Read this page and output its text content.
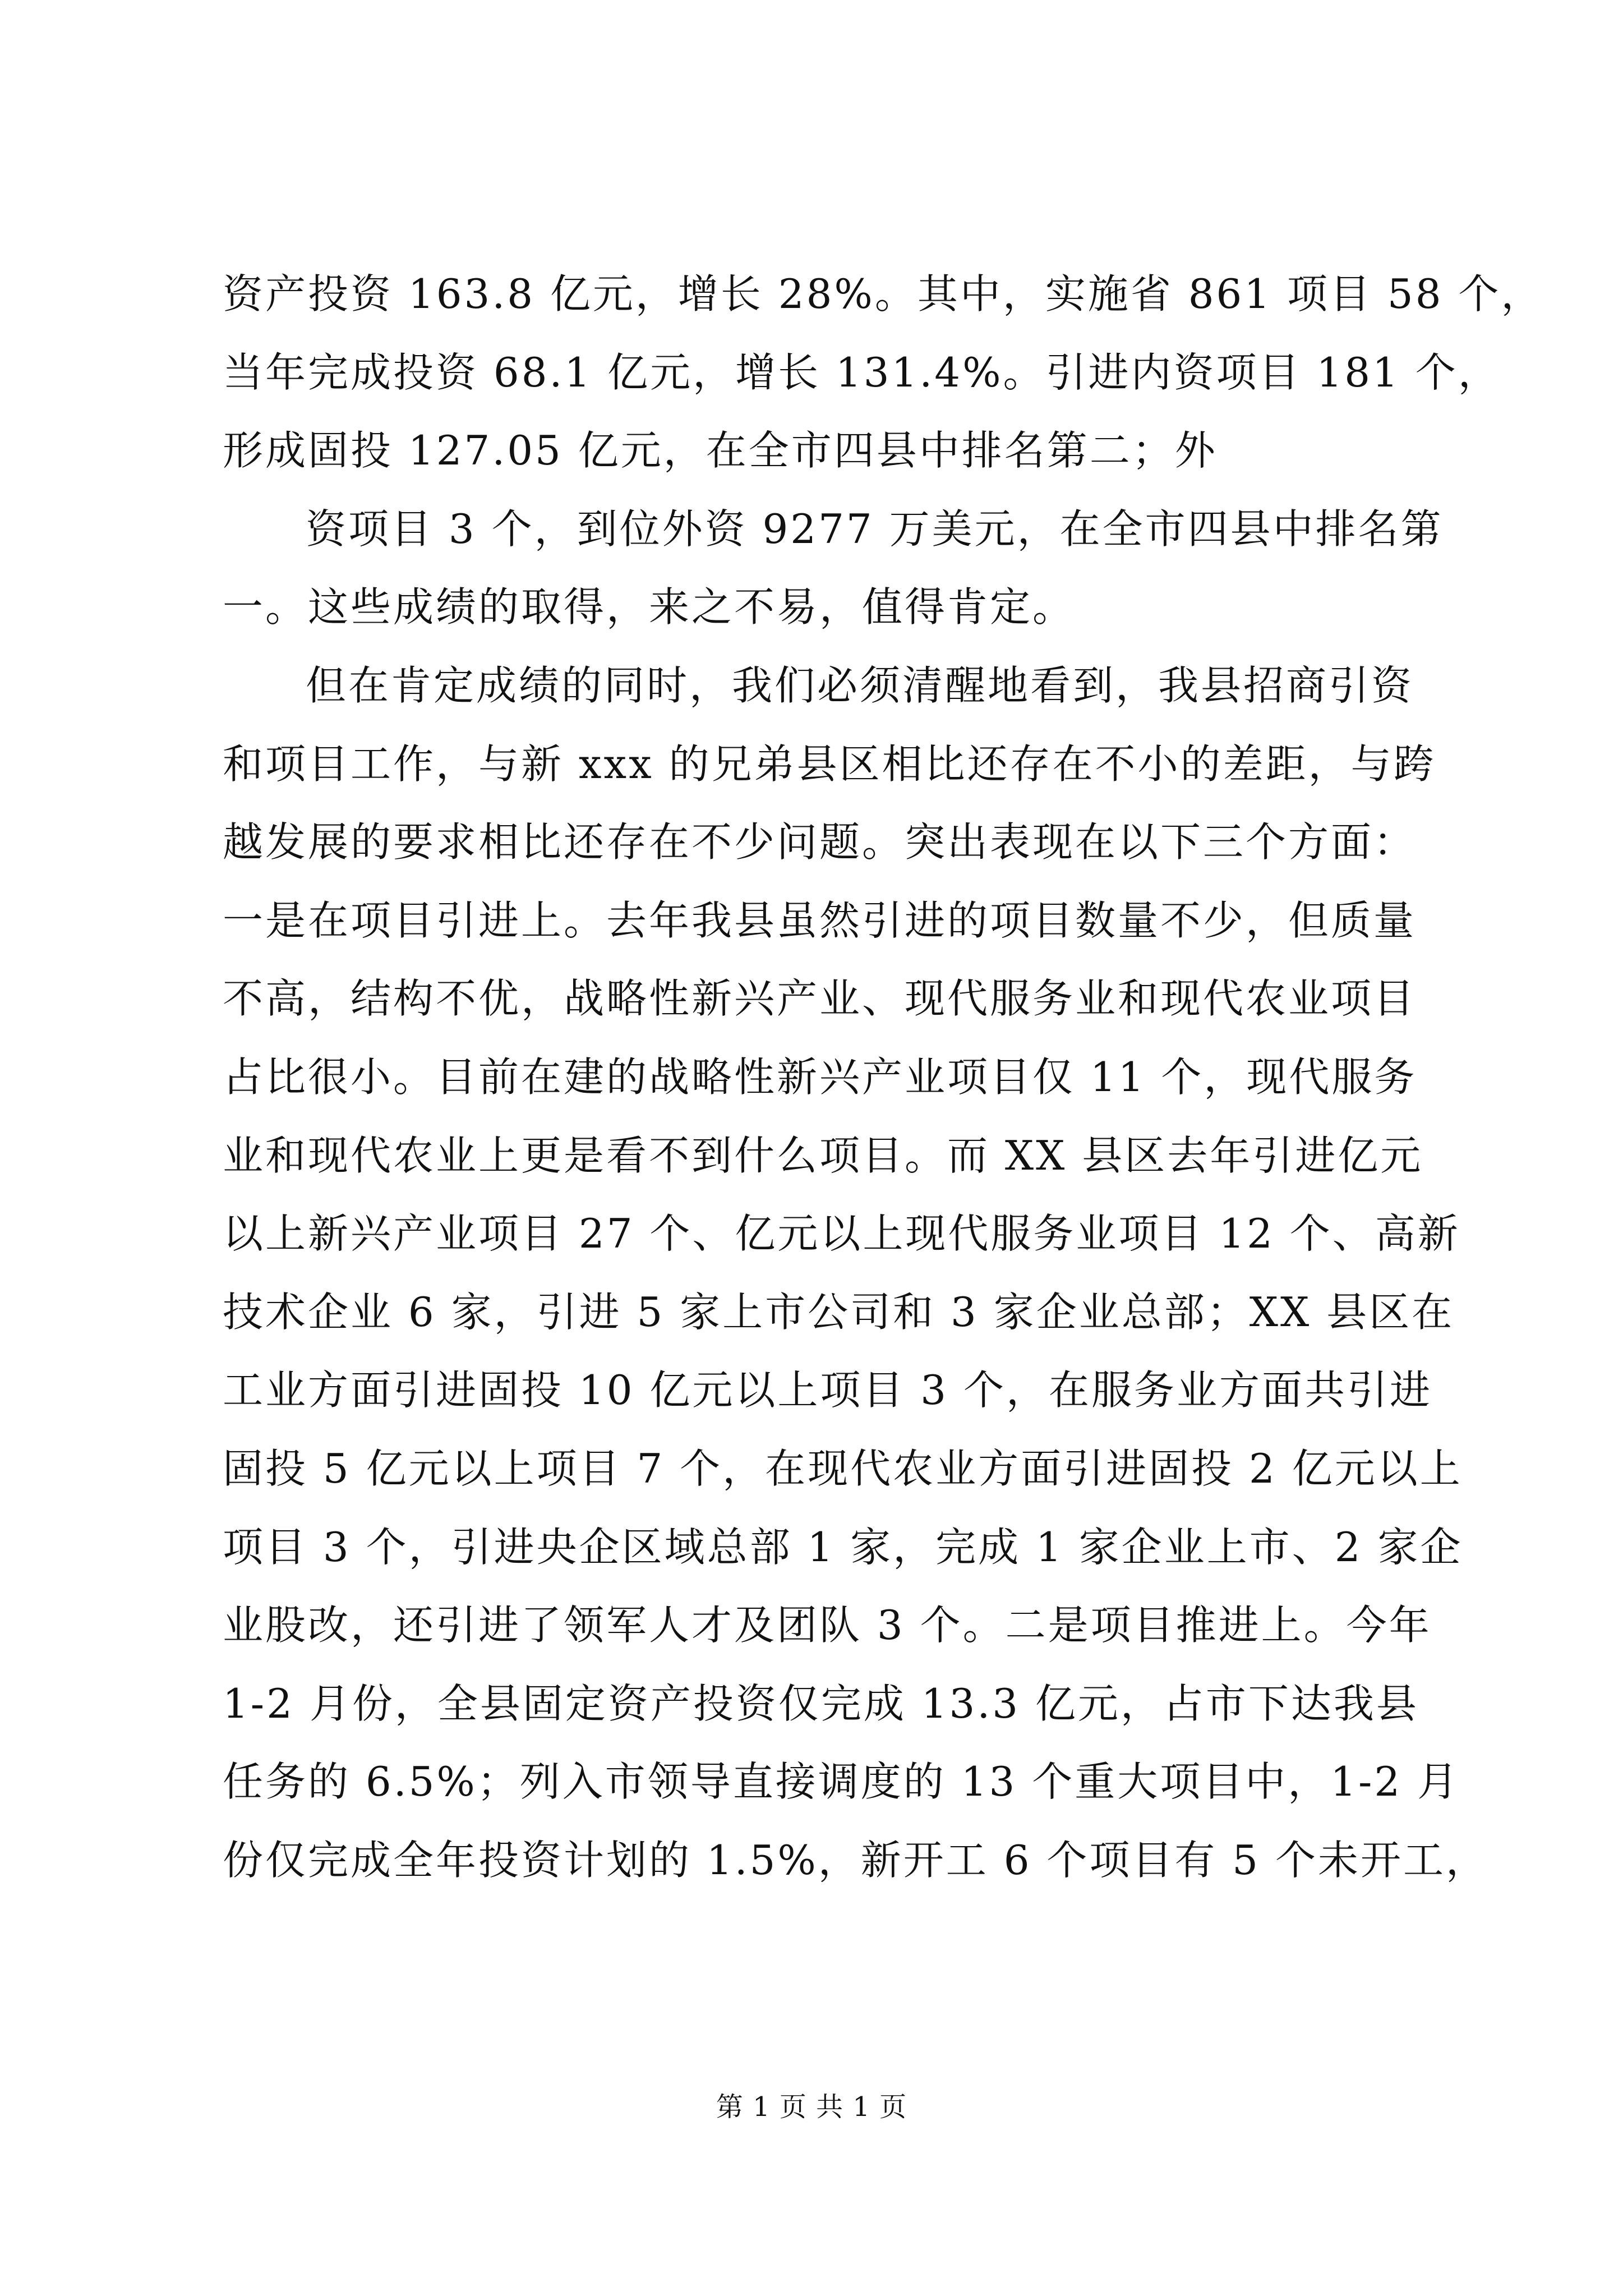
资产投资 163.8 亿元，增长 28%。其中，实施省 861 项目 58 个，
当年完成投资 68.1 亿元，增长 131.4%。引进内资项目 181 个，
形成固投 127.05 亿元，在全市四县中排名第二；外
资项目 3 个，到位外资 9277 万美元，在全市四县中排名第
一。这些成绩的取得，来之不易，值得肯定。
但在肯定成绩的同时，我们必须清醒地看到，我县招商引资
和项目工作，与新 xxx 的兄弟县区相比还存在不小的差距，与跨
越发展的要求相比还存在不少问题。突出表现在以下三个方面：
一是在项目引进上。去年我县虽然引进的项目数量不少，但质量
不高，结构不优，战略性新兴产业、现代服务业和现代农业项目
占比很小。目前在建的战略性新兴产业项目仅 11 个，现代服务
业和现代农业上更是看不到什么项目。而 XX 县区去年引进亿元
以上新兴产业项目 27 个、亿元以上现代服务业项目 12 个、高新
技术企业 6 家，引进 5 家上市公司和 3 家企业总部；XX 县区在
工业方面引进固投 10 亿元以上项目 3 个，在服务业方面共引进
固投 5 亿元以上项目 7 个，在现代农业方面引进固投 2 亿元以上
项目 3 个，引进央企区域总部 1 家，完成 1 家企业上市、2 家企
业股改，还引进了领军人才及团队 3 个。二是项目推进上。今年
1-2 月份，全县固定资产投资仅完成 13.3 亿元，占市下达我县
任务的 6.5%；列入市领导直接调度的 13 个重大项目中，1-2 月
份仅完成全年投资计划的 1.5%，新开工 6 个项目有 5 个未开工，
第 1 页 共 1 页
